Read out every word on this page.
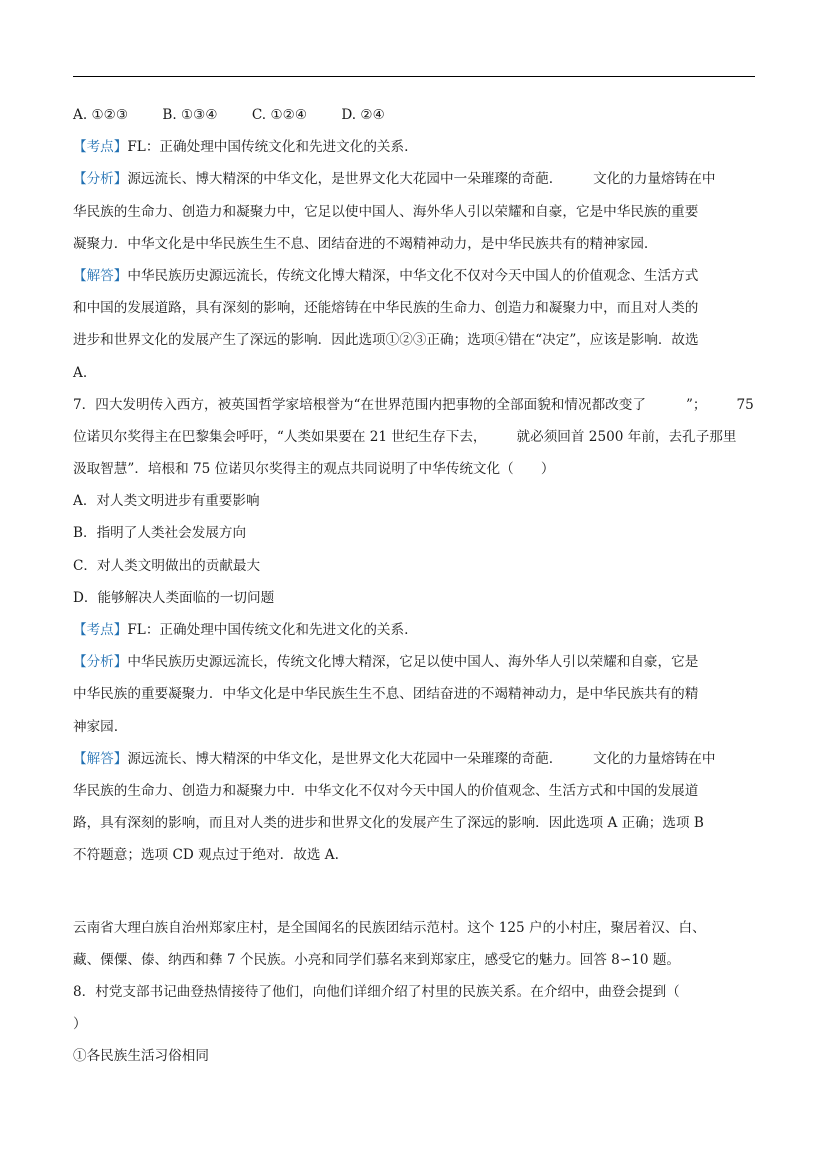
A. ①②③	B. ①③④	C. ①②④	D. ②④
【考点】FL：正确处理中国传统文化和先进文化的关系.
【分析】源远流长、博大精深的中华文化，是世界文化大花园中一朵璀璨的奇葩.	文化的力量熔铸在中
华民族的生命力、创造力和凝聚力中，它足以使中国人、海外华人引以荣耀和自豪，它是中华民族的重要
凝聚力．中华文化是中华民族生生不息、团结奋进的不竭精神动力，是中华民族共有的精神家园.
【解答】中华民族历史源远流长，传统文化博大精深，中华文化不仅对今天中国人的价值观念、生活方式
和中国的发展道路，具有深刻的影响，还能熔铸在中华民族的生命力、创造力和凝聚力中，而且对人类的
进步和世界文化的发展产生了深远的影响．因此选项①②③正确；选项④错在“决定”，应该是影响．故选
A.
7．四大发明传入西方，被英国哲学家培根誉为“在世界范围内把事物的全部面貌和情况都改变了	”； 75
位诺贝尔奖得主在巴黎集会呼吁，“人类如果要在 21 世纪生存下去， 就必须回首 2500 年前，去孔子那里
汲取智慧”．培根和 75 位诺贝尔奖得主的观点共同说明了中华传统文化（　　）
A．对人类文明进步有重要影响
B．指明了人类社会发展方向
C．对人类文明做出的贡献最大
D．能够解决人类面临的一切问题
【考点】FL：正确处理中国传统文化和先进文化的关系.
【分析】中华民族历史源远流长，传统文化博大精深，它足以使中国人、海外华人引以荣耀和自豪，它是
中华民族的重要凝聚力．中华文化是中华民族生生不息、团结奋进的不竭精神动力，是中华民族共有的精
神家园.
【解答】源远流长、博大精深的中华文化，是世界文化大花园中一朵璀璨的奇葩.	文化的力量熔铸在中
华民族的生命力、创造力和凝聚力中．中华文化不仅对今天中国人的价值观念、生活方式和中国的发展道
路，具有深刻的影响，而且对人类的进步和世界文化的发展产生了深远的影响．因此选项 A 正确；选项 B
不符题意；选项 CD 观点过于绝对．故选 A.
云南省大理白族自治州郑家庄村，是全国闻名的民族团结示范村。这个 125 户的小村庄，聚居着汉、白、
藏、傈僳、傣、纳西和彝 7 个民族。小亮和同学们慕名来到郑家庄，感受它的魅力。回答 8∽10 题。
8．村党支部书记曲登热情接待了他们，向他们详细介绍了村里的民族关系。在介绍中，曲登会提到（
）
①各民族生活习俗相同
